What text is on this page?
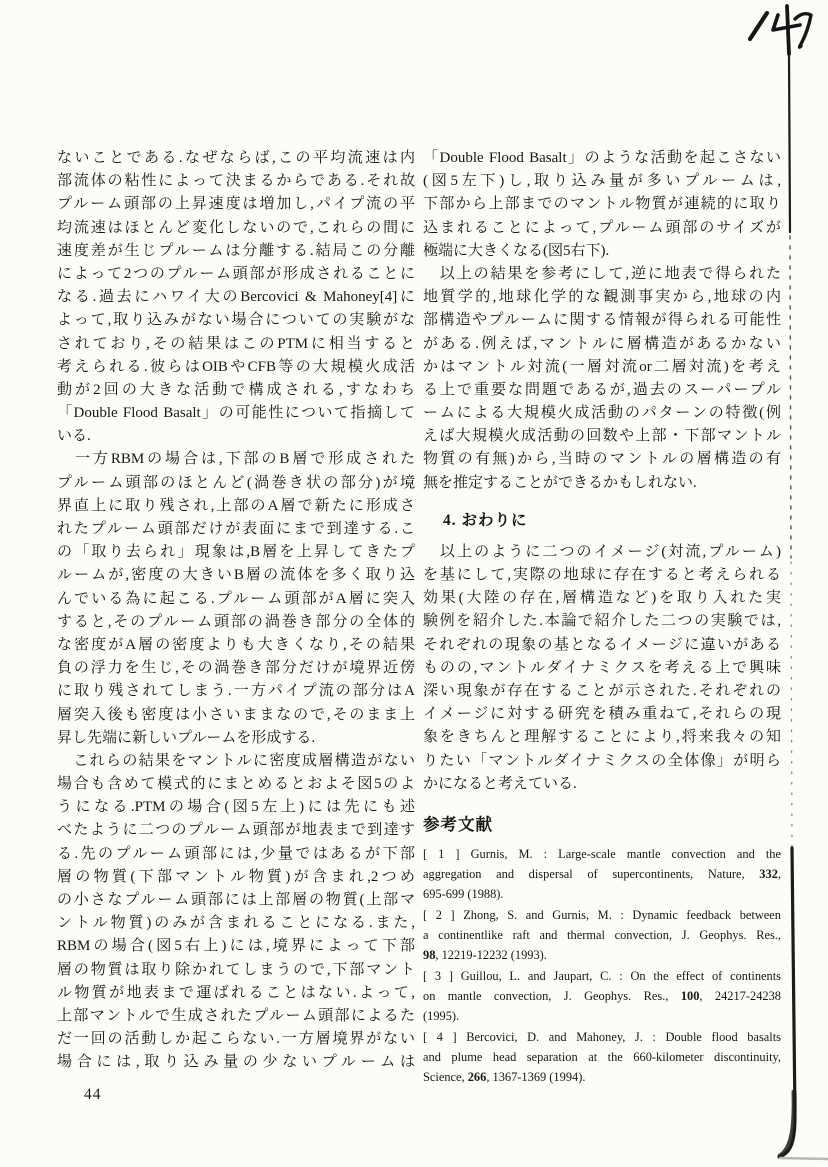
ないことである.なぜならば,この平均流速は内
部流体の粘性によって決まるからである.それ故
プルーム頭部の上昇速度は増加し,パイプ流の平
均流速はほとんど変化しないので,これらの間に
速度差が生じプルームは分離する.結局この分離
によって2つのプルーム頭部が形成されることに
なる.過去にハワイ大のBercovici & Mahoney[4]に
よって,取り込みがない場合についての実験がな
されており,その結果はこのPTMに相当すると
考えられる.彼らはOIBやCFB等の大規模火成活
動が2回の大きな活動で構成される,すなわち
「Double Flood Basalt」の可能性について指摘して
いる.
　一方RBMの場合は,下部のB層で形成された
プルーム頭部のほとんど(渦巻き状の部分)が境
界直上に取り残され,上部のA層で新たに形成さ
れたプルーム頭部だけが表面にまで到達する.こ
の「取り去られ」現象は,B層を上昇してきたプ
ルームが,密度の大きいB層の流体を多く取り込
んでいる為に起こる.プルーム頭部がA層に突入
すると,そのプルーム頭部の渦巻き部分の全体的
な密度がA層の密度よりも大きくなり,その結果
負の浮力を生じ,その渦巻き部分だけが境界近傍
に取り残されてしまう.一方パイプ流の部分はA
層突入後も密度は小さいままなので,そのまま上
昇し先端に新しいプルームを形成する.
　これらの結果をマントルに密度成層構造がない
場合も含めて模式的にまとめるとおよそ図5のよ
うになる.PTMの場合(図5左上)には先にも述
べたように二つのプルーム頭部が地表まで到達す
る.先のプルーム頭部には,少量ではあるが下部
層の物質(下部マントル物質)が含まれ,2つめ
の小さなプルーム頭部には上部層の物質(上部マ
ントル物質)のみが含まれることになる.また,
RBMの場合(図5右上)には,境界によって下部
層の物質は取り除かれてしまうので,下部マント
ル物質が地表まで運ばれることはない.よって,
上部マントルで生成されたプルーム頭部によるた
だ一回の活動しか起こらない.一方層境界がない
場合には,取り込み量の少ないプルームは
「Double Flood Basalt」のような活動を起こさない
(図5左下)し,取り込み量が多いプルームは,
下部から上部までのマントル物質が連続的に取り
込まれることによって,プルーム頭部のサイズが
極端に大きくなる(図5右下).
　以上の結果を参考にして,逆に地表で得られた
地質学的,地球化学的な観測事実から,地球の内
部構造やプルームに関する情報が得られる可能性
がある.例えば,マントルに層構造があるかない
かはマントル対流(一層対流or二層対流)を考え
る上で重要な問題であるが,過去のスーパープル
ームによる大規模火成活動のパターンの特徴(例
えば大規模火成活動の回数や上部・下部マントル
物質の有無)から,当時のマントルの層構造の有
無を推定することができるかもしれない.
4. おわりに
　以上のように二つのイメージ(対流,プルーム)
を基にして,実際の地球に存在すると考えられる
効果(大陸の存在,層構造など)を取り入れた実
験例を紹介した.本論で紹介した二つの実験では,
それぞれの現象の基となるイメージに違いがある
ものの,マントルダイナミクスを考える上で興味
深い現象が存在することが示された.それぞれの
イメージに対する研究を積み重ねて,それらの現
象をきちんと理解することにより,将来我々の知
りたい「マントルダイナミクスの全体像」が明ら
かになると考えている.
参考文献
[ 1 ] Gurnis, M. : Large-scale mantle convection and the
aggregation and dispersal of supercontinents, Nature, 332,
695-699 (1988).
[ 2 ] Zhong, S. and Gurnis, M. : Dynamic feedback between
a continentlike raft and thermal convection, J. Geophys. Res.,
98, 12219-12232 (1993).
[ 3 ] Guillou, L. and Jaupart, C. : On the effect of continents
on mantle convection, J. Geophys. Res., 100, 24217-24238
(1995).
[ 4 ] Bercovici, D. and Mahoney, J. : Double flood basalts
and plume head separation at the 660-kilometer discontinuity,
Science, 266, 1367-1369 (1994).
44
